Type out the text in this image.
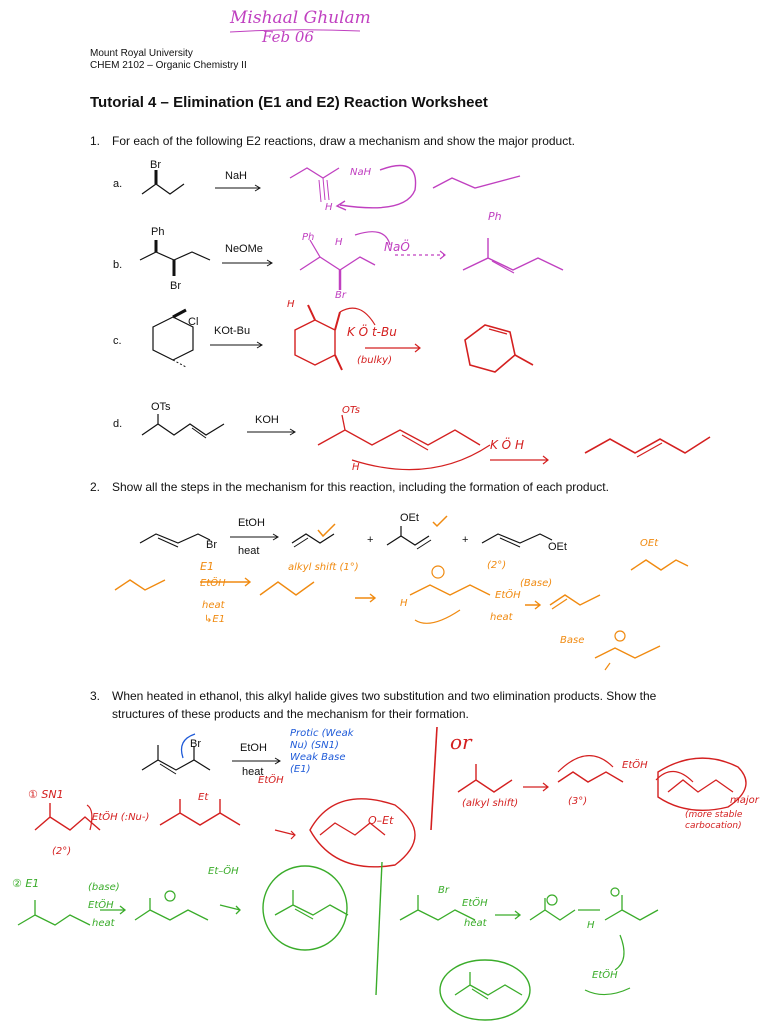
Mishaal Ghulam
Feb 06
Mount Royal University
CHEM 2102 – Organic Chemistry II
Tutorial 4 – Elimination (E1 and E2) Reaction Worksheet
1. For each of the following E2 reactions, draw a mechanism and show the major product.
a.
Br
NaH	NaH
H
b.
Ph
Br
NeOMe
Ph
NaÖ
Br
H
Ph
c.
Cl
KOt-Bu	K Ö t-Bu
(bulky)
H
d.
OTs
KOH
OTs
K Ö H
H
2. Show all the steps in the mechanism for this reaction, including the formation of each product.
Br
EtOH
heat
+
OEt
+
OEt
E1
EtÖH
heat
↳E1
alkyl shift (1°)	(2°)
(Base)
EtÖH
heat
H
OEt
Base
3. When heated in ethanol, this alkyl halide gives two substitution and two elimination products. Show the
structures of these products and the mechanism for their formation.
Br	EtOH
heat
Protic (Weak Nu) (SN1) Weak Base (E1)
① SN1
EtÖH (:Nu-)
(2°)
Et
EtÖH
O–Et
or
(alkyl shift)	(3°)
EtÖH
major
(more stable carbocation)
② E1	(base)
EtÖH
heat
Et–ÖH
Br
EtÖH
heat
EtÖH
H
